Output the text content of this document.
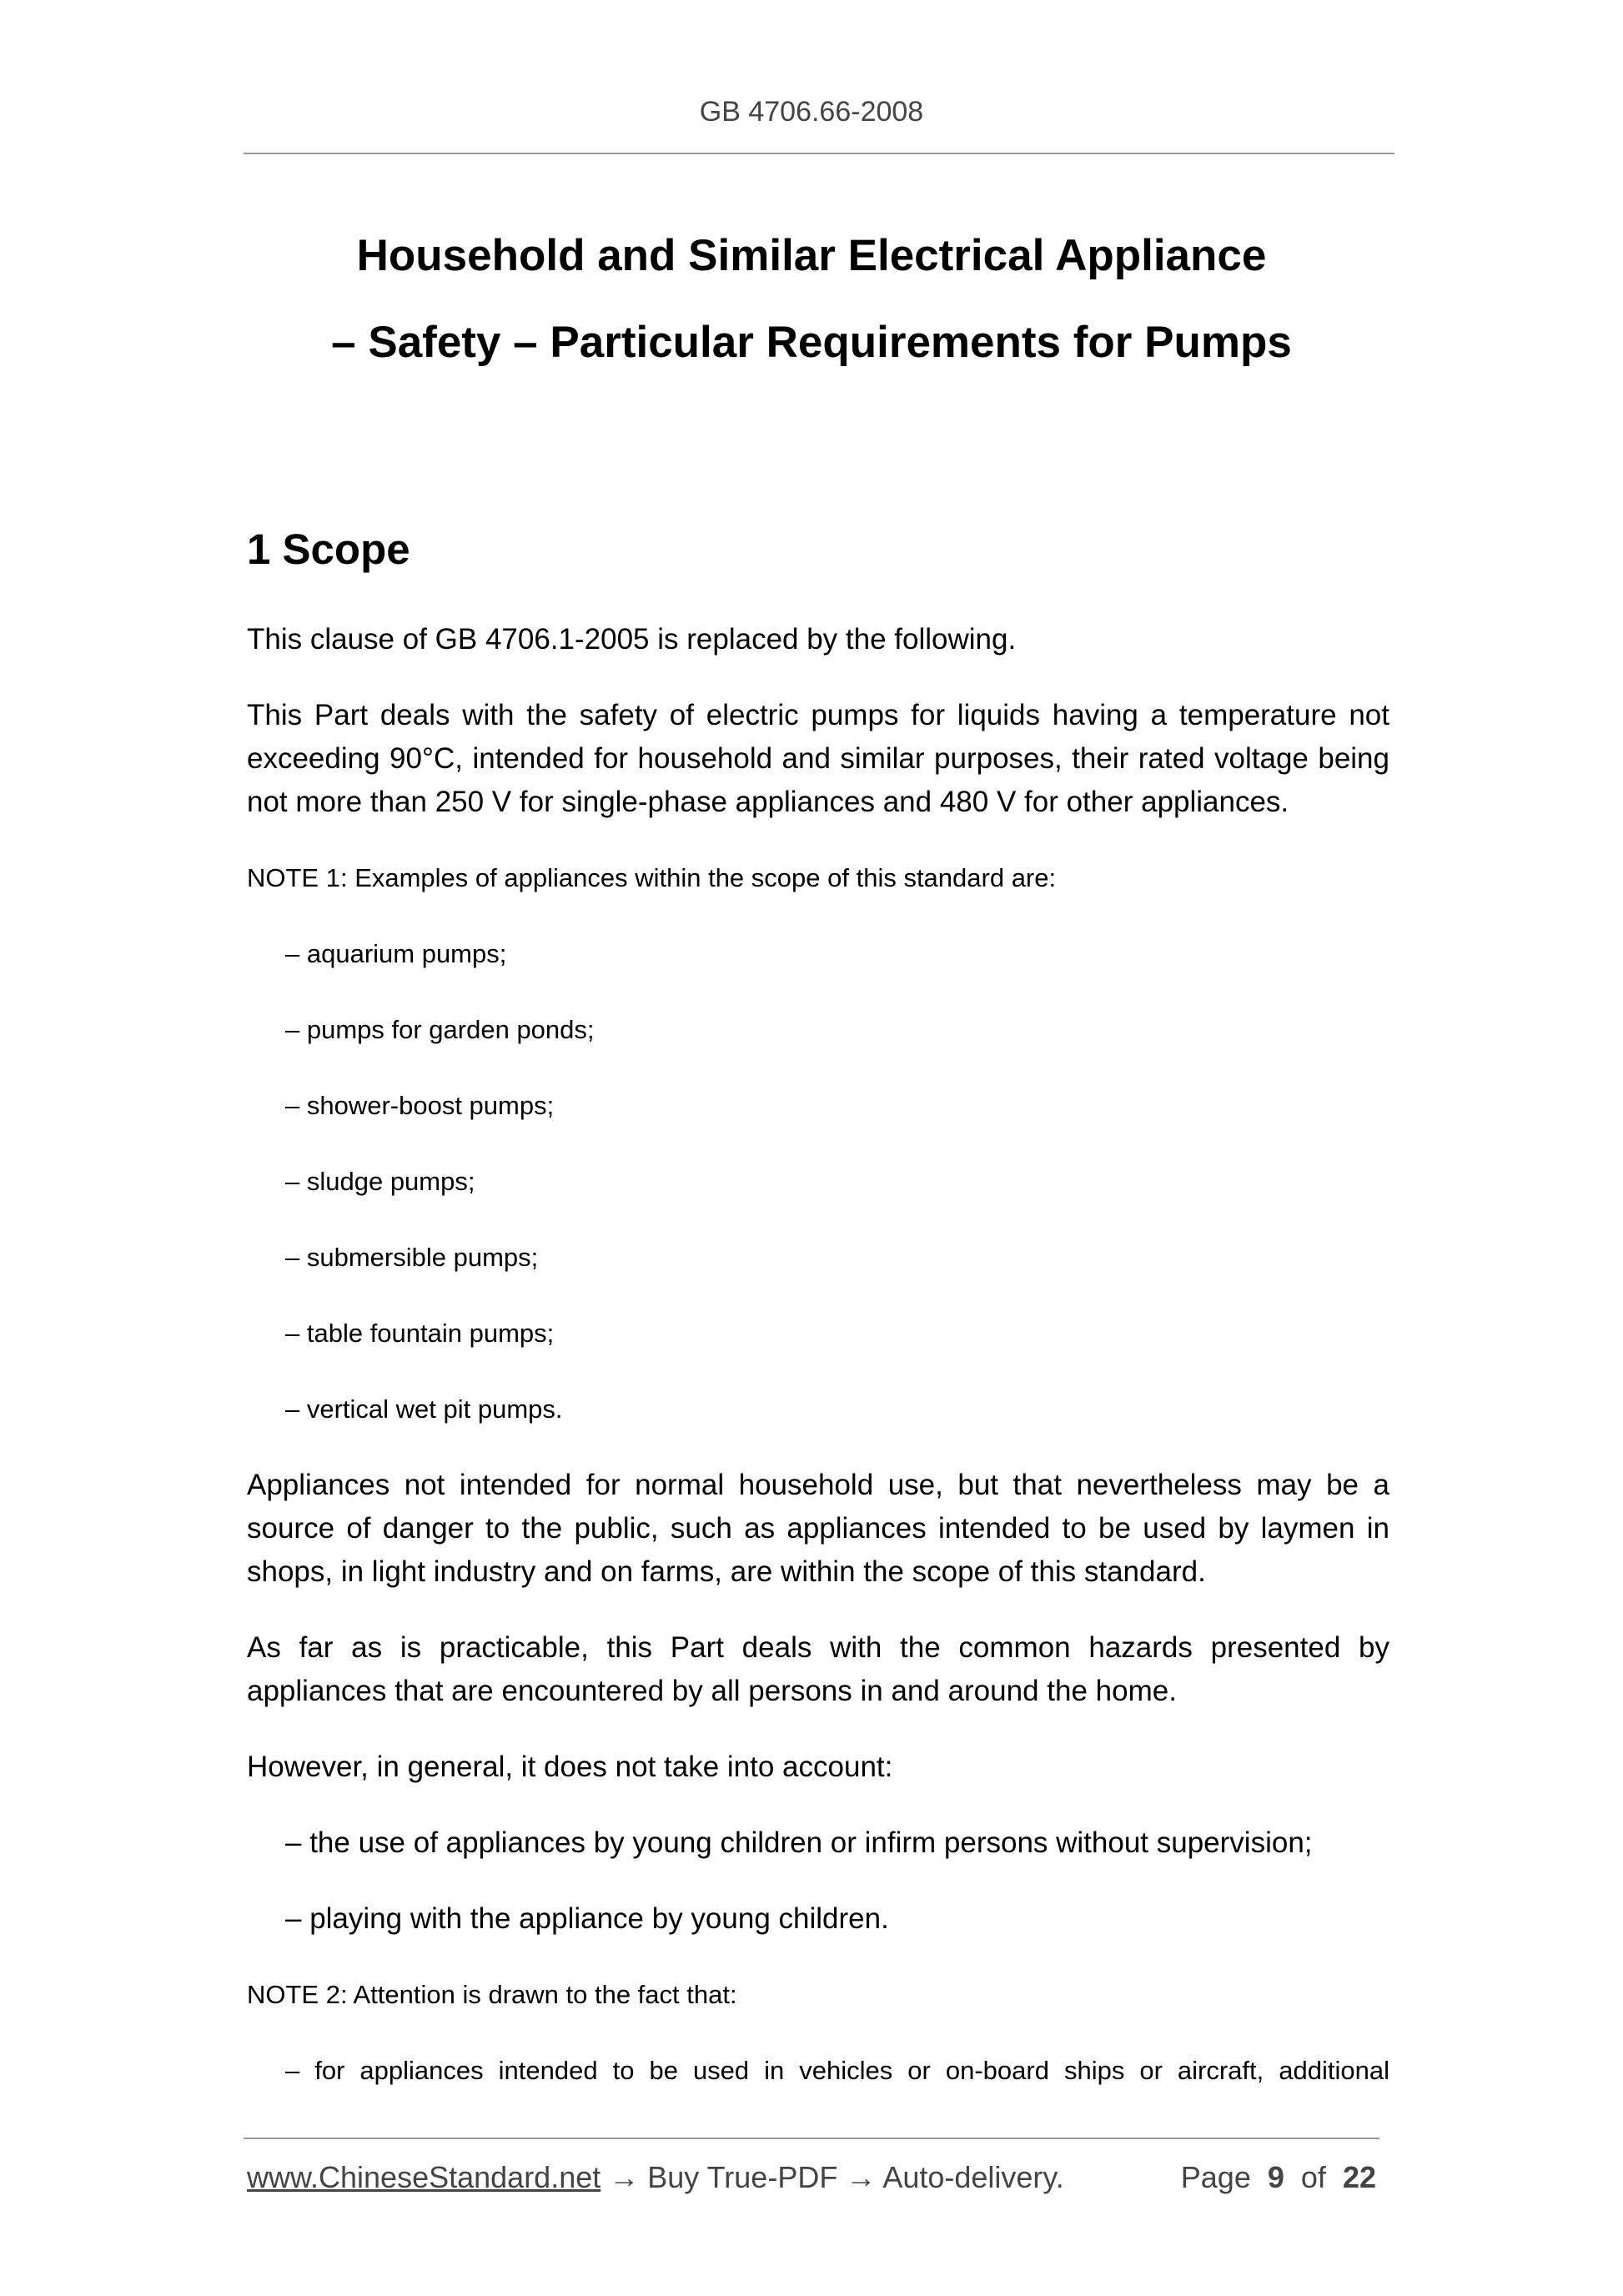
GB 4706.66-2008
Household and Similar Electrical Appliance
– Safety – Particular Requirements for Pumps
1 Scope
This clause of GB 4706.1-2005 is replaced by the following.
This Part deals with the safety of electric pumps for liquids having a temperature not exceeding 90°C, intended for household and similar purposes, their rated voltage being not more than 250 V for single-phase appliances and 480 V for other appliances.
NOTE 1: Examples of appliances within the scope of this standard are:
– aquarium pumps;
– pumps for garden ponds;
– shower-boost pumps;
– sludge pumps;
– submersible pumps;
– table fountain pumps;
– vertical wet pit pumps.
Appliances not intended for normal household use, but that nevertheless may be a source of danger to the public, such as appliances intended to be used by laymen in shops, in light industry and on farms, are within the scope of this standard.
As far as is practicable, this Part deals with the common hazards presented by appliances that are encountered by all persons in and around the home.
However, in general, it does not take into account:
– the use of appliances by young children or infirm persons without supervision;
– playing with the appliance by young children.
NOTE 2: Attention is drawn to the fact that:
– for appliances intended to be used in vehicles or on-board ships or aircraft, additional
www.ChineseStandard.net → Buy True-PDF → Auto-delivery.	Page 9 of 22
